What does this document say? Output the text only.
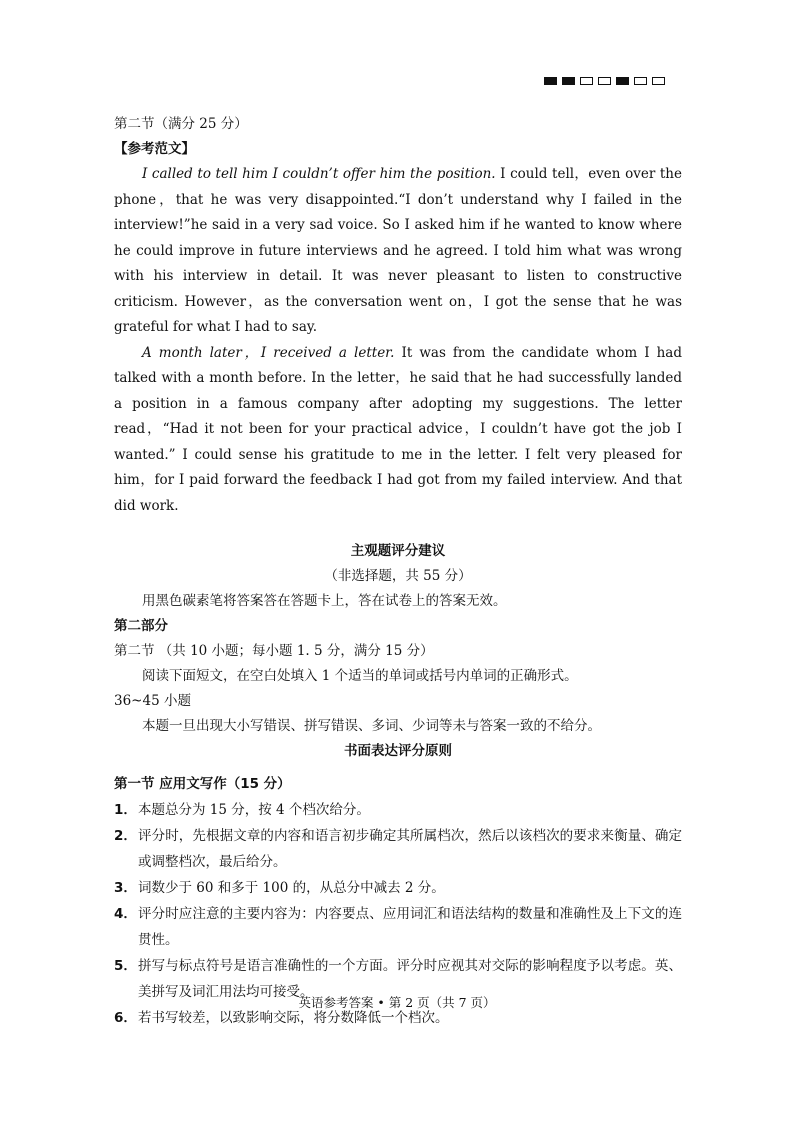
第二节（满分 25 分）
【参考范文】

I called to tell him I couldn’t offer him the position. I could tell，even over the phone，that he was very disappointed.“I don’t understand why I failed in the interview!”he said in a very sad voice. So I asked him if he wanted to know where he could improve in future interviews and he agreed. I told him what was wrong with his interview in detail. It was never pleasant to listen to constructive criticism. However，as the conversation went on，I got the sense that he was grateful for what I had to say.

A month later，I received a letter. It was from the candidate whom I had talked with a month before. In the letter，he said that he had successfully landed a position in a famous company after adopting my suggestions. The letter read，“Had it not been for your practical advice，I couldn’t have got the job I wanted.” I could sense his gratitude to me in the letter. I felt very pleased for him，for I paid forward the feedback I had got from my failed interview. And that did work.

主观题评分建议
（非选择题，共 55 分）
用黑色碳素笔将答案答在答题卡上，答在试卷上的答案无效。
第二部分
第二节 （共 10 小题；每小题 1. 5 分，满分 15 分）
阅读下面短文，在空白处填入 1 个适当的单词或括号内单词的正确形式。
36~45 小题
本题一旦出现大小写错误、拼写错误、多词、少词等未与答案一致的不给分。
书面表达评分原则
第一节 应用文写作（15 分）
1． 本题总分为 15 分，按 4 个档次给分。
2． 评分时，先根据文章的内容和语言初步确定其所属档次，然后以该档次的要求来衡量、确定或调整档次，最后给分。
3． 词数少于 60 和多于 100 的，从总分中减去 2 分。
4． 评分时应注意的主要内容为：内容要点、应用词汇和语法结构的数量和准确性及上下文的连贯性。
5． 拼写与标点符号是语言准确性的一个方面。评分时应视其对交际的影响程度予以考虑。英、美拼写及词汇用法均可接受。
6． 若书写较差，以致影响交际，将分数降低一个档次。
英语参考答案 • 第 2 页（共 7 页）
